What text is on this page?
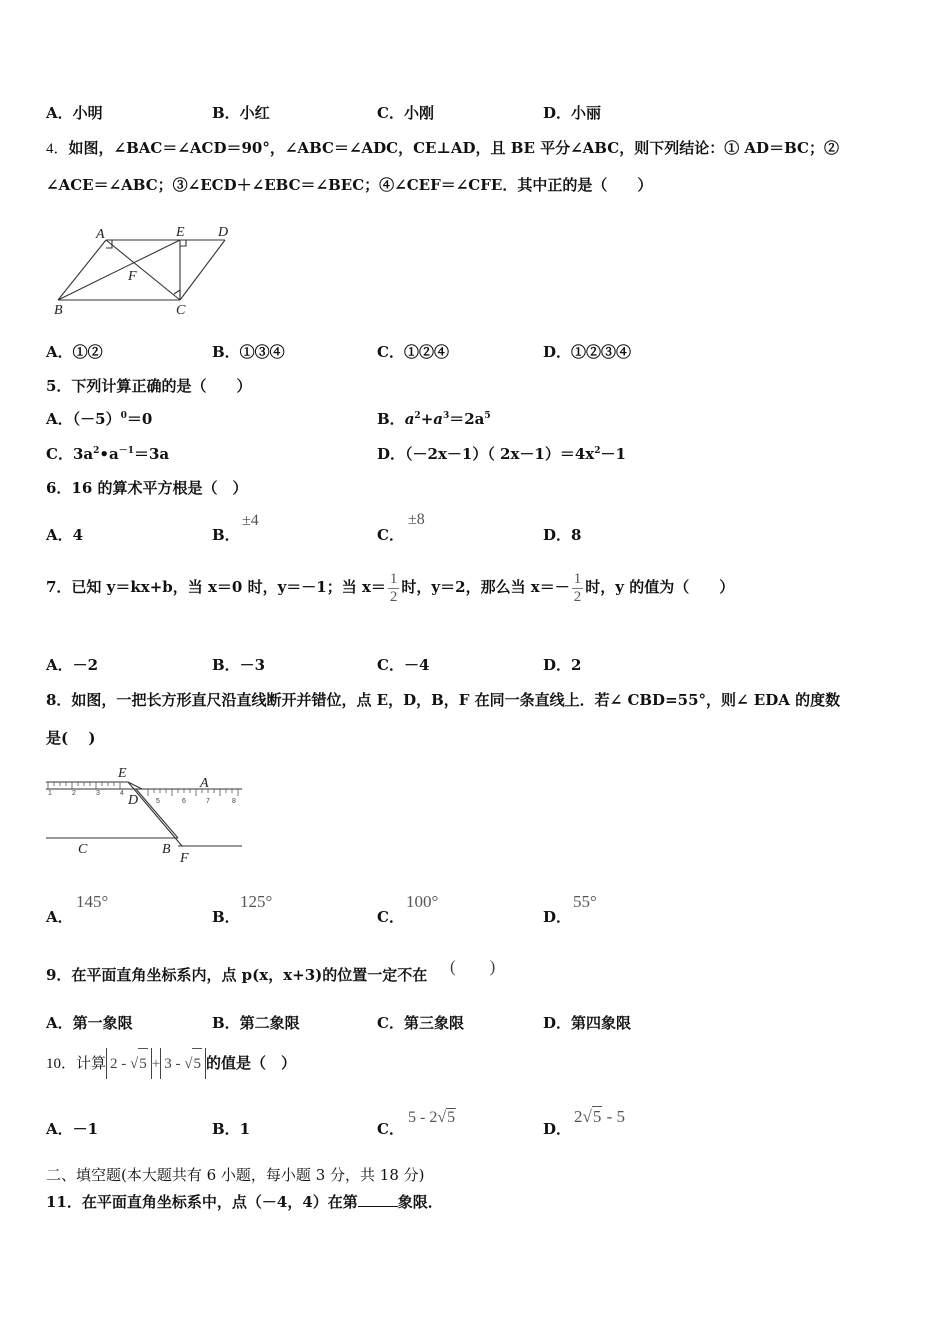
A．小明	B．小红	C．小刚	D．小丽
4．如图，∠BAC＝∠ACD＝90°，∠ABC＝∠ADC，CE⊥AD，且 BE 平分∠ABC，则下列结论：① AD＝BC；②
∠ACE＝∠ABC；③∠ECD＋∠EBC＝∠BEC；④∠CEF＝∠CFE．其中正的是（　　）
A	E D
F
B	C
A．①②	B．①③④	C．①②④	D．①②③④
5．下列计算正确的是（　　）
A．$(-5)^0=0$	B．$a^2+a^3=2a^5$
C．$3a^2•a^{-1}=3a$	D．（－2x－1）（ $2x-1)=4x^2-1$
6．16 的算术平方根是（　）
A．4	B．
±4
C．
±8
D．8
7．已知 y＝kx+b，当 x＝0 时，y＝－1；当 $x= \frac{1}{2}$ 时，y＝2，那么当 $x=- \frac{1}{2}$ 时，y 的值为（　　）
A．－2	B．－3	C．－4	D．2
8．如图，一把长方形直尺沿直线断开并错位，点 E，D，B，F 在同一条直线上．若∠ CBD=55°，则∠ EDA 的度数
是(　 )
1	2	3	4
5	6	7	8
E
D
A
C	B
F
A．
145°
B．
125°
C．
100°
D．
55°
9．在平面直角坐标系内，点 p(x，x+3)的位置一定不在 (　　)
A．第一象限	B．第二象限	C．第三象限	D．第四象限
10．计算 2 - √5 + 3 - √5 的值是（　）
A．－1	B．1	C．
5 - 2√5
D．
2√5 - 5
二、填空题(本大题共有 6 小题，每小题 3 分，共 18 分)
11．在平面直角坐标系中，点（－4，4）在第	象限．
